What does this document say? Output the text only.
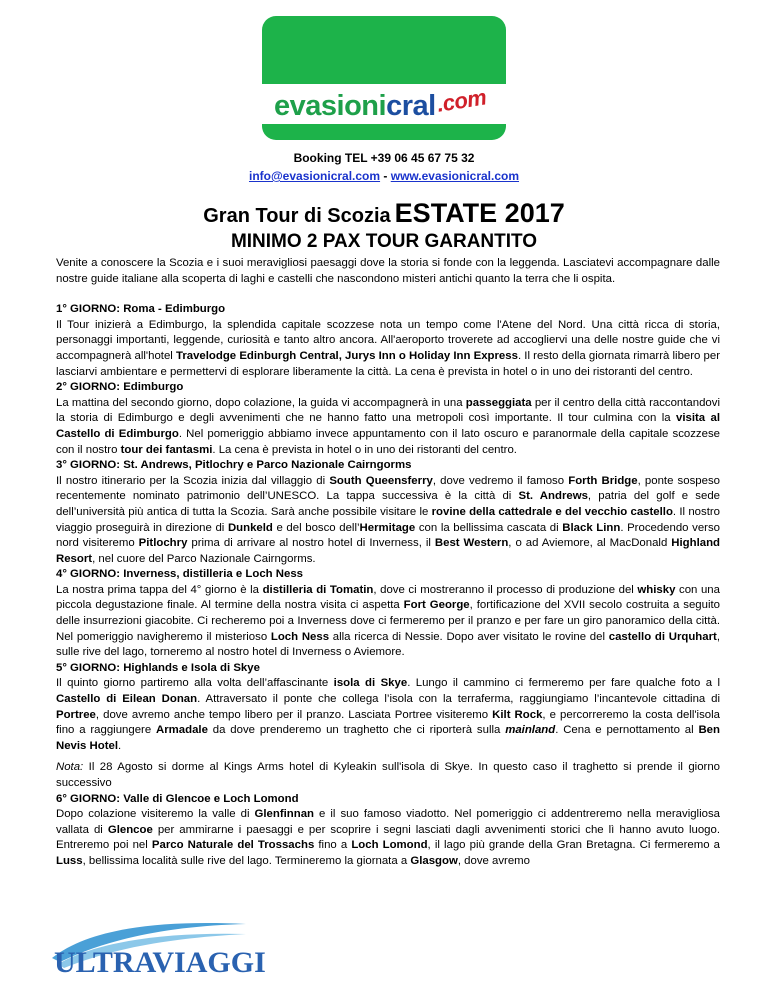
evasionicral.com
Booking TEL +39 06 45 67 75 32
info@evasionicral.com - www.evasionicral.com
Gran Tour di Scozia ESTATE 2017
MINIMO 2 PAX TOUR GARANTITO

Venite a conoscere la Scozia e i suoi meravigliosi paesaggi dove la storia si fonde con la leggenda. Lasciatevi accompagnare dalle nostre guide italiane alla scoperta di laghi e castelli che nascondono misteri antichi quanto la terra che li ospita.

1° GIORNO: Roma - Edimburgo

Il Tour inizierà a Edimburgo, la splendida capitale scozzese nota un tempo come l'Atene del Nord. Una città ricca di storia, personaggi importanti, leggende, curiosità e tanto altro ancora. All'aeroporto troverete ad accogliervi una delle nostre guide che vi accompagnerà all'hotel Travelodge Edinburgh Central, Jurys Inn o Holiday Inn Express. Il resto della giornata rimarrà libero per lasciarvi ambientare e permettervi di esplorare liberamente la città. La cena è prevista in hotel o in uno dei ristoranti del centro.

2° GIORNO: Edimburgo

La mattina del secondo giorno, dopo colazione, la guida vi accompagnerà in una passeggiata per il centro della città raccontandovi la storia di Edimburgo e degli avvenimenti che ne hanno fatto una metropoli così importante. Il tour culmina con la visita al Castello di Edimburgo. Nel pomeriggio abbiamo invece appuntamento con il lato oscuro e paranormale della capitale scozzese con il nostro tour dei fantasmi. La cena è prevista in hotel o in uno dei ristoranti del centro.

3° GIORNO: St. Andrews, Pitlochry e Parco Nazionale Cairngorms

Il nostro itinerario per la Scozia inizia dal villaggio di South Queensferry, dove vedremo il famoso Forth Bridge, ponte sospeso recentemente nominato patrimonio dell’UNESCO. La tappa successiva è la città di St. Andrews, patria del golf e sede dell’università più antica di tutta la Scozia. Sarà anche possibile visitare le rovine della cattedrale e del vecchio castello. Il nostro viaggio proseguirà in direzione di Dunkeld e del bosco dell’Hermitage con la bellissima cascata di Black Linn. Procedendo verso nord visiteremo Pitlochry prima di arrivare al nostro hotel di Inverness, il Best Western, o ad Aviemore, al MacDonald Highland Resort, nel cuore del Parco Nazionale Cairngorms.

4° GIORNO: Inverness, distilleria e Loch Ness

La nostra prima tappa del 4° giorno è la distilleria di Tomatin, dove ci mostreranno il processo di produzione del whisky con una piccola degustazione finale. Al termine della nostra visita ci aspetta Fort George, fortificazione del XVII secolo costruita a seguito delle insurrezioni giacobite. Ci recheremo poi a Inverness dove ci fermeremo per il pranzo e per fare un giro panoramico della città. Nel pomeriggio navigheremo il misterioso Loch Ness alla ricerca di Nessie. Dopo aver visitato le rovine del castello di Urquhart, sulle rive del lago, torneremo al nostro hotel di Inverness o Aviemore.

5° GIORNO: Highlands e Isola di Skye

Il quinto giorno partiremo alla volta dell’affascinante isola di Skye. Lungo il cammino ci fermeremo per fare qualche foto a l Castello di Eilean Donan. Attraversato il ponte che collega l’isola con la terraferma, raggiungiamo l’incantevole cittadina di Portree, dove avremo anche tempo libero per il pranzo. Lasciata Portree visiteremo Kilt Rock, e percorreremo la costa dell'isola fino a raggiungere Armadale da dove prenderemo un traghetto che ci riporterà sulla mainland. Cena e pernottamento al Ben Nevis Hotel.

Nota: Il 28 Agosto si dorme al Kings Arms hotel di Kyleakin sull'isola di Skye. In questo caso il traghetto si prende il giorno successivo

6° GIORNO: Valle di Glencoe e Loch Lomond

Dopo colazione visiteremo la valle di Glenfinnan e il suo famoso viadotto. Nel pomeriggio ci addentreremo nella meravigliosa vallata di Glencoe per ammirarne i paesaggi e per scoprire i segni lasciati dagli avvenimenti storici che lì hanno avuto luogo. Entreremo poi nel Parco Naturale del Trossachs fino a Loch Lomond, il lago più grande della Gran Bretagna. Ci fermeremo a Luss, bellissima località sulle rive del lago. Termineremo la giornata a Glasgow, dove avremo

ULTRAVIAGGI
